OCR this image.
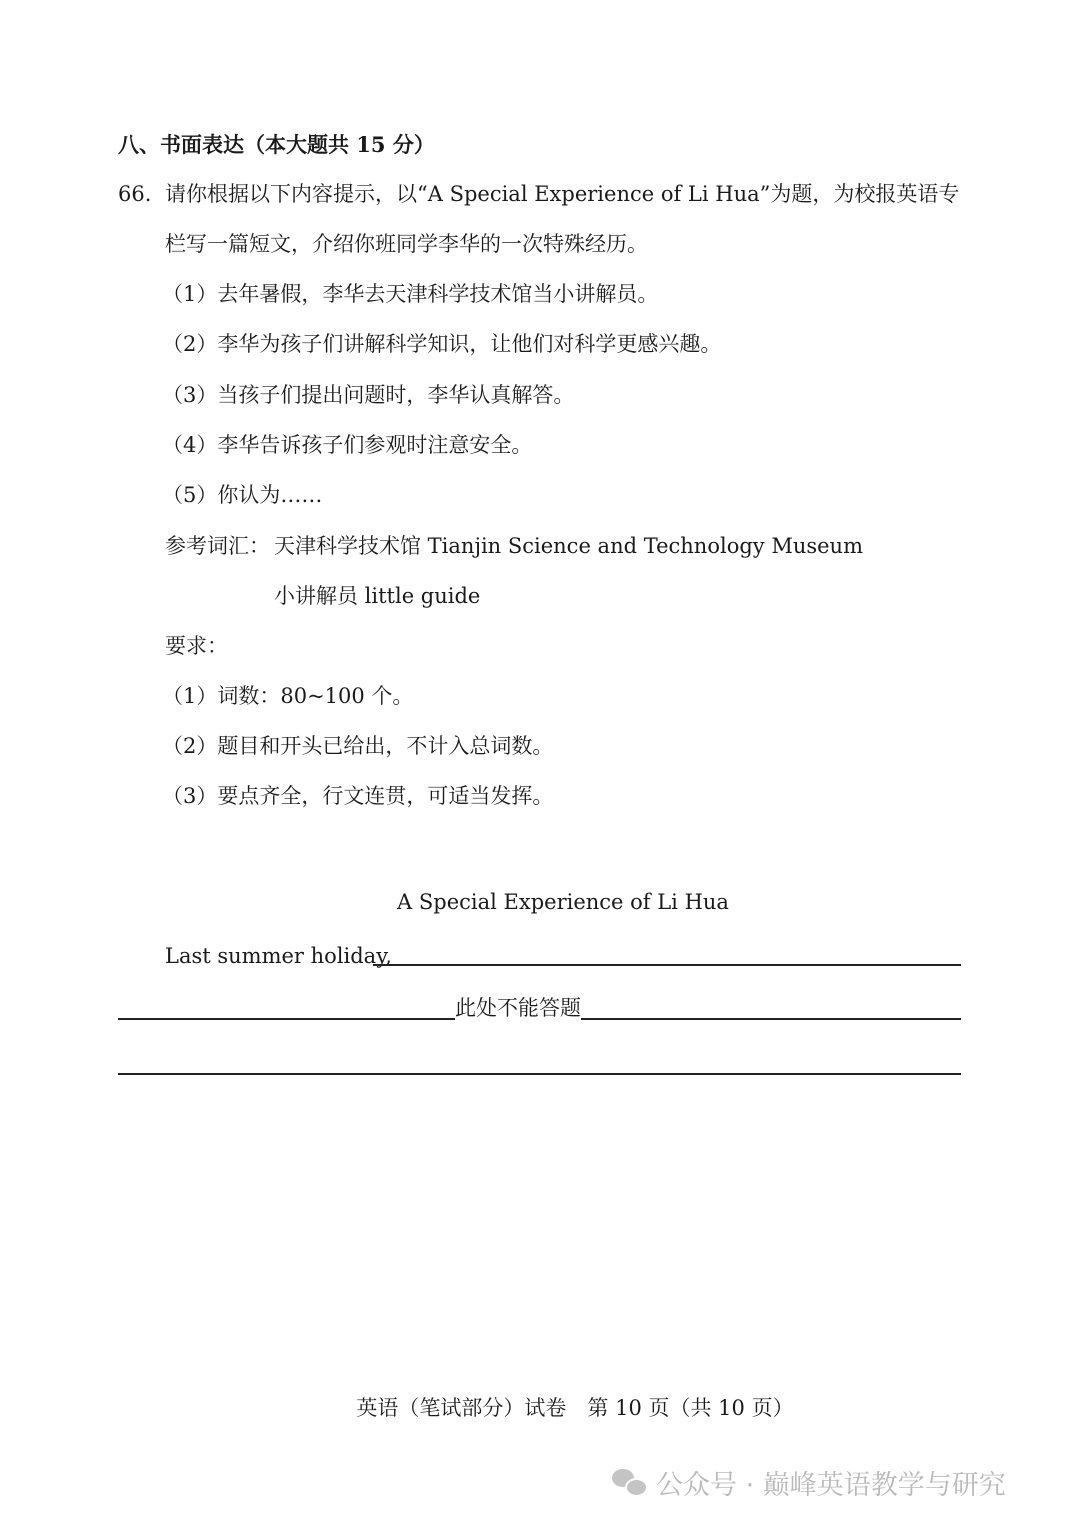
八、书面表达（本大题共 15 分）
66. 请你根据以下内容提示，以“A Special Experience of Li Hua”为题，为校报英语专
栏写一篇短文，介绍你班同学李华的一次特殊经历。
（1）去年暑假，李华去天津科学技术馆当小讲解员。
（2）李华为孩子们讲解科学知识，让他们对科学更感兴趣。
（3）当孩子们提出问题时，李华认真解答。
（4）李华告诉孩子们参观时注意安全。
（5）你认为……
参考词汇： 天津科学技术馆 Tianjin Science and Technology Museum
小讲解员 little guide
要求：
（1）词数：80~100 个。
（2）题目和开头已给出，不计入总词数。
（3）要点齐全，行文连贯，可适当发挥。
A Special Experience of Li Hua
Last summer holiday,
此处不能答题
英语（笔试部分）试卷　第 10 页（共 10 页）
公众号 · 巅峰英语教学与研究
